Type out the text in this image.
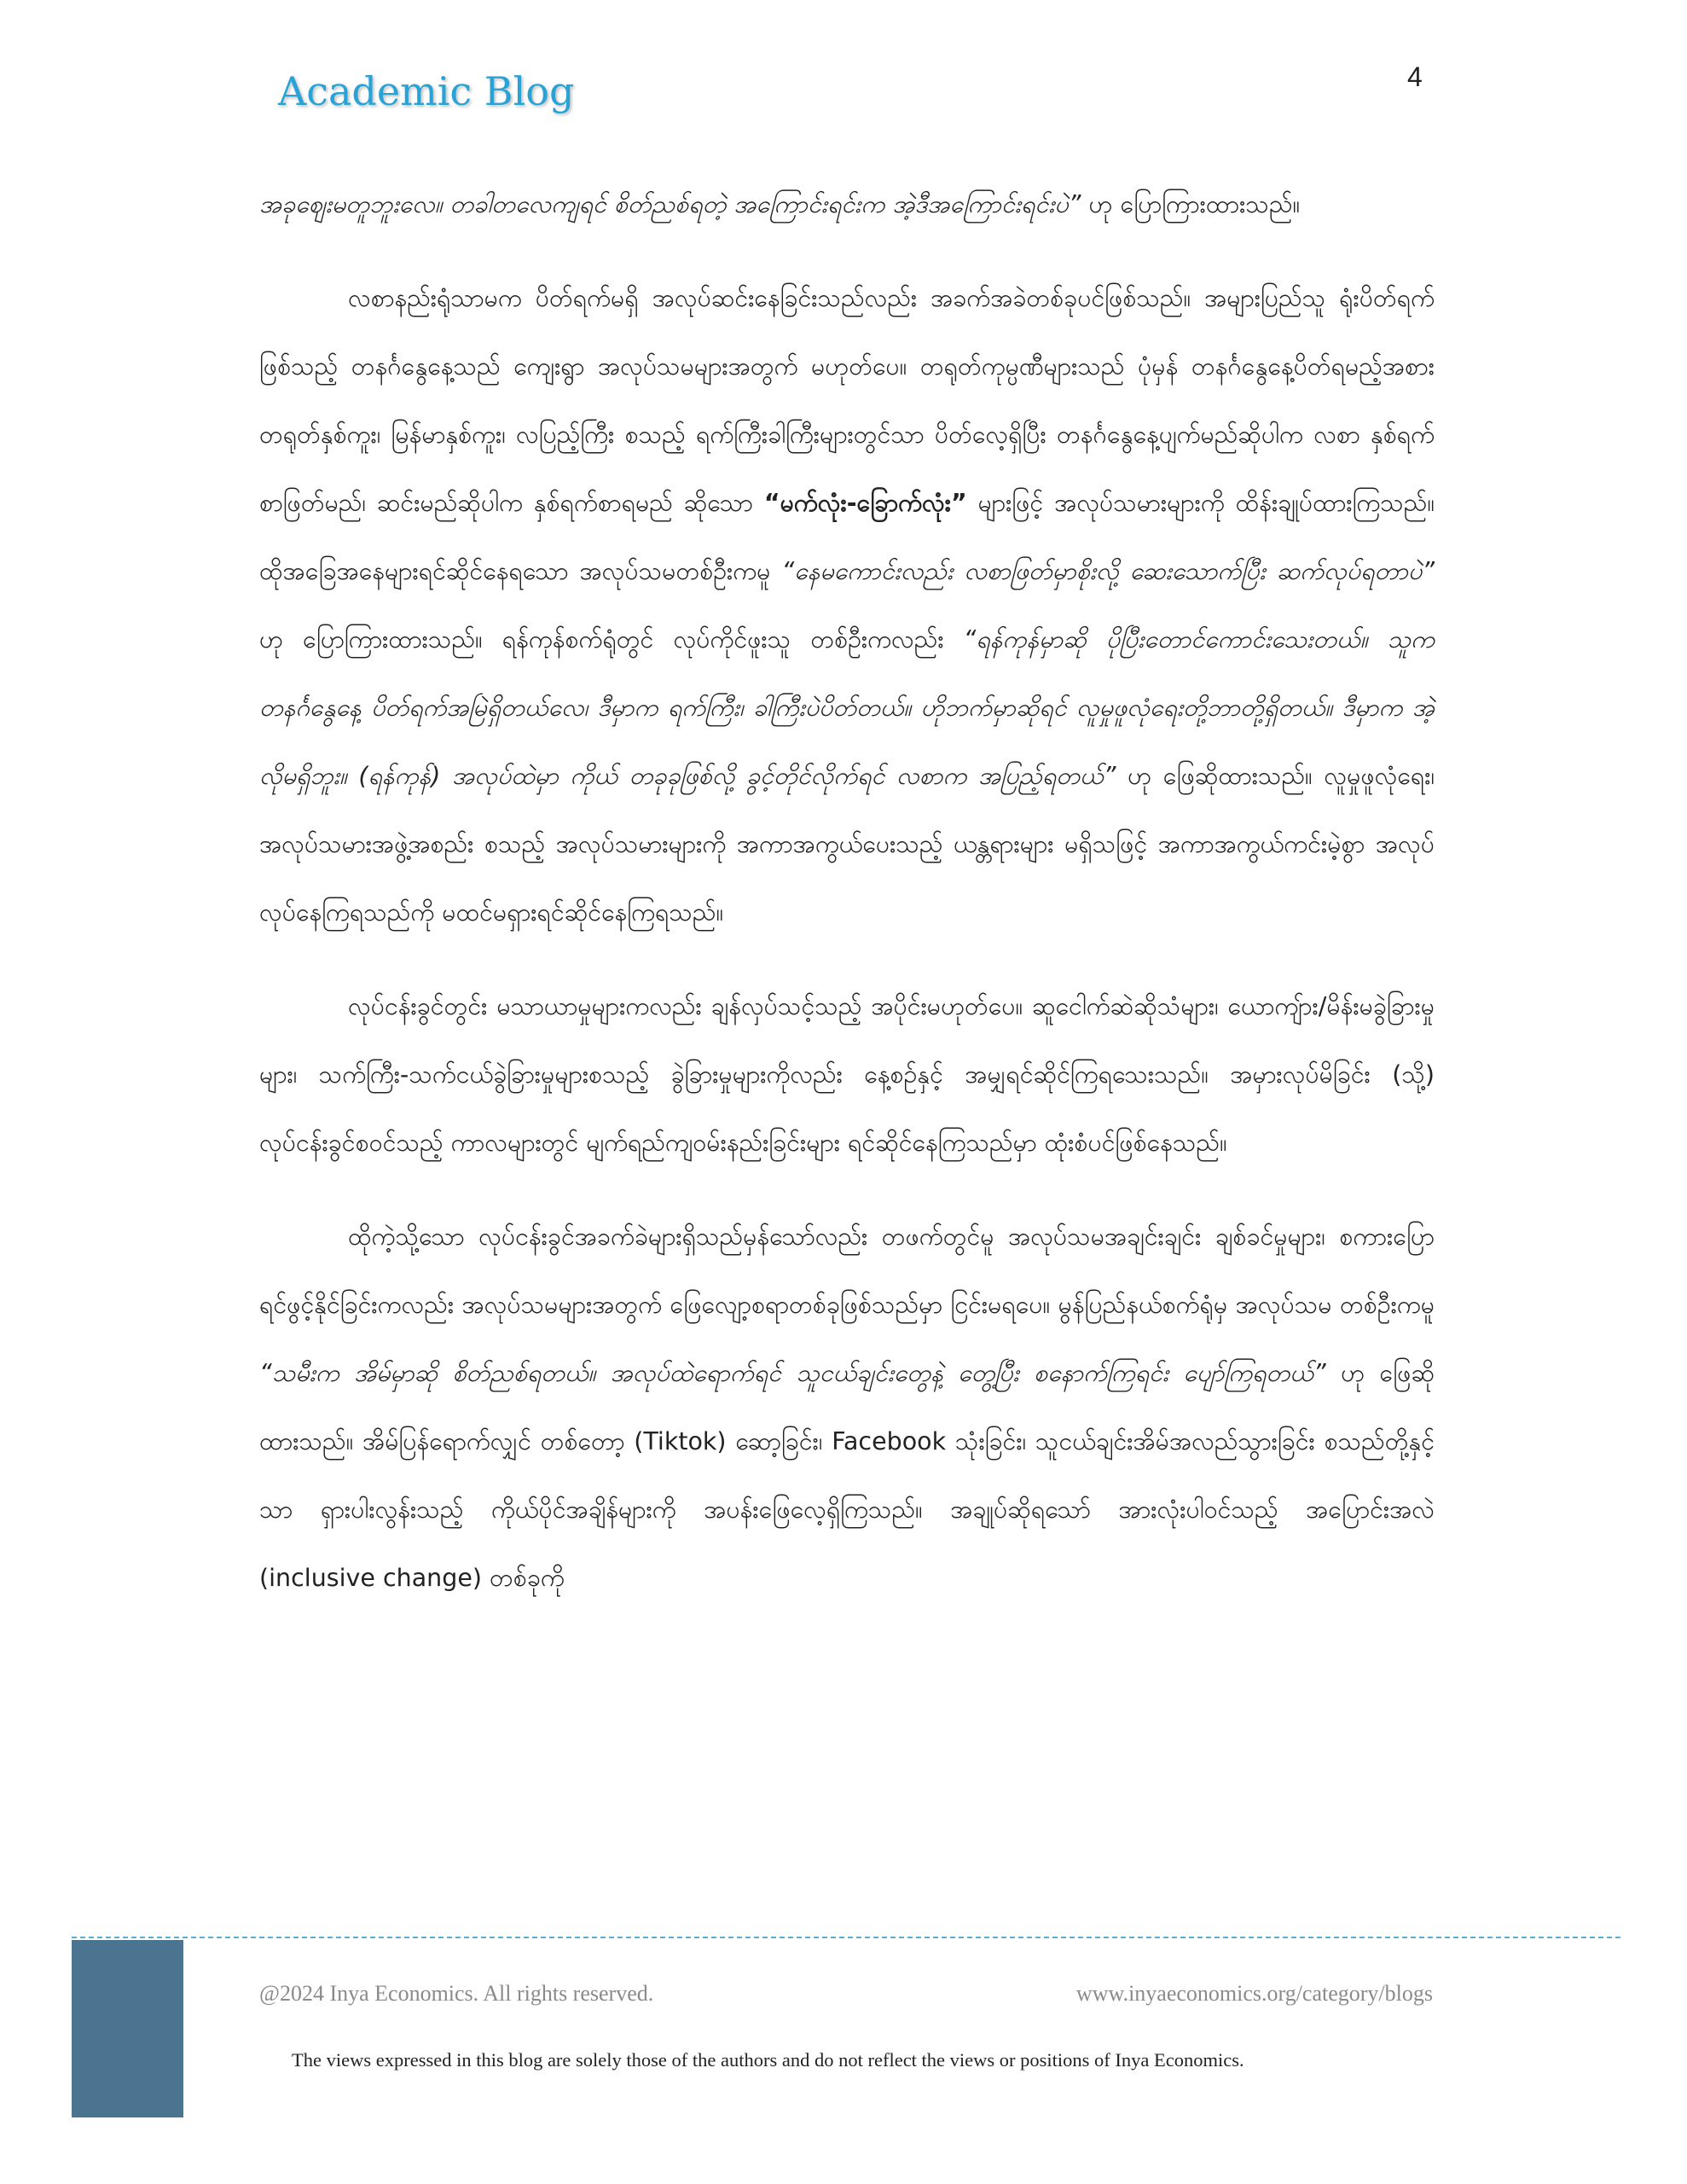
Academic Blog	4

အခုဈေးမတူဘူးလေ။ တခါတလေကျရင် စိတ်ညစ်ရတဲ့ အကြောင်းရင်းက အဲ့ဒီအကြောင်းရင်းပဲ” ဟု ပြောကြားထားသည်။

လစာနည်းရုံသာမက ပိတ်ရက်မရှိ အလုပ်ဆင်းနေခြင်းသည်လည်း အခက်အခဲတစ်ခုပင်ဖြစ်သည်။ အများပြည်သူ ရုံးပိတ်ရက်ဖြစ်သည့် တနင်္ဂနွေနေ့သည် ကျေးရွာ အလုပ်သမများအတွက် မဟုတ်ပေ။ တရုတ်ကုမ္ပဏီများသည် ပုံမှန် တနင်္ဂနွေနေ့ပိတ်ရမည့်အစား တရုတ်နှစ်ကူး၊ မြန်မာနှစ်ကူး၊ လပြည့်ကြီး စသည့် ရက်ကြီးခါကြီးများတွင်သာ ပိတ်လေ့ရှိပြီး တနင်္ဂနွေနေ့ပျက်မည်ဆိုပါက လစာ နှစ်ရက်စာဖြတ်မည်၊ ဆင်းမည်ဆိုပါက နှစ်ရက်စာရမည် ဆိုသော “မက်လုံး-ခြောက်လုံး” များဖြင့် အလုပ်သမားများကို ထိန်းချုပ်ထားကြသည်။ ထိုအခြေအနေများရင်ဆိုင်နေရသော အလုပ်သမတစ်ဦးကမူ “နေမကောင်းလည်း လစာဖြတ်မှာစိုးလို့ ဆေးသောက်ပြီး ဆက်လုပ်ရတာပဲ” ဟု ပြောကြားထားသည်။ ရန်ကုန်စက်ရုံတွင် လုပ်ကိုင်ဖူးသူ တစ်ဦးကလည်း “ရန်ကုန်မှာဆို ပိုပြီးတောင်ကောင်းသေးတယ်။ သူက တနင်္ဂနွေနေ့ ပိတ်ရက်အမြဲရှိတယ်လေ၊ ဒီမှာက ရက်ကြီး၊ ခါကြီးပဲပိတ်တယ်။ ဟိုဘက်မှာဆိုရင် လူမှုဖူလုံရေးတို့ဘာတို့ရှိတယ်။ ဒီမှာက အဲ့လိုမရှိဘူး။ (ရန်ကုန်) အလုပ်ထဲမှာ ကိုယ် တခုခုဖြစ်လို့ ခွင့်တိုင်လိုက်ရင် လစာက အပြည့်ရတယ်” ဟု ဖြေဆိုထားသည်။ လူမှုဖူလုံရေး၊ အလုပ်သမားအဖွဲ့အစည်း စသည့် အလုပ်သမားများကို အကာအကွယ်ပေးသည့် ယန္တရားများ မရှိသဖြင့် အကာအကွယ်ကင်းမဲ့စွာ အလုပ်လုပ်နေကြရသည်ကို မထင်မရှားရင်ဆိုင်နေကြရသည်။

လုပ်ငန်းခွင်တွင်း မသာယာမှုများကလည်း ချန်လှပ်သင့်သည့် အပိုင်းမဟုတ်ပေ။ ဆူငေါက်ဆဲဆိုသံများ၊ ယောကျ်ား/မိန်းမခွဲခြားမှုများ၊ သက်ကြီး-သက်ငယ်ခွဲခြားမှုများစသည့် ခွဲခြားမှုများကိုလည်း နေ့စဉ်နှင့် အမျှရင်ဆိုင်ကြရသေးသည်။ အမှားလုပ်မိခြင်း (သို့) လုပ်ငန်းခွင်စဝင်သည့် ကာလများတွင် မျက်ရည်ကျဝမ်းနည်းခြင်းများ ရင်ဆိုင်နေကြသည်မှာ ထုံးစံပင်ဖြစ်နေသည်။

ထိုကဲ့သို့သော လုပ်ငန်းခွင်အခက်ခဲများရှိသည်မှန်သော်လည်း တဖက်တွင်မူ အလုပ်သမအချင်းချင်း ချစ်ခင်မှုများ၊ စကားပြောရင်ဖွင့်နိုင်ခြင်းကလည်း အလုပ်သမများအတွက် ဖြေလျော့စရာတစ်ခုဖြစ်သည်မှာ ငြင်းမရပေ။ မွန်ပြည်နယ်စက်ရုံမှ အလုပ်သမ တစ်ဦးကမူ “သမီးက အိမ်မှာဆို စိတ်ညစ်ရတယ်။ အလုပ်ထဲရောက်ရင် သူငယ်ချင်းတွေနဲ့ တွေ့ပြီး စနောက်ကြရင်း ပျော်ကြရတယ်” ဟု ဖြေဆိုထားသည်။ အိမ်ပြန်ရောက်လျှင် တစ်တော့ (Tiktok) ဆော့ခြင်း၊ Facebook သုံးခြင်း၊ သူငယ်ချင်းအိမ်အလည်သွားခြင်း စသည်တို့နှင့်သာ ရှားပါးလွန်းသည့် ကိုယ်ပိုင်အချိန်များကို အပန်းဖြေလေ့ရှိကြသည်။ အချုပ်ဆိုရသော် အားလုံးပါဝင်သည့် အပြောင်းအလဲ (inclusive change) တစ်ခုကို

@2024 Inya Economics. All rights reserved.	www.inyaeconomics.org/category/blogs
The views expressed in this blog are solely those of the authors and do not reflect the views or positions of Inya Economics.
